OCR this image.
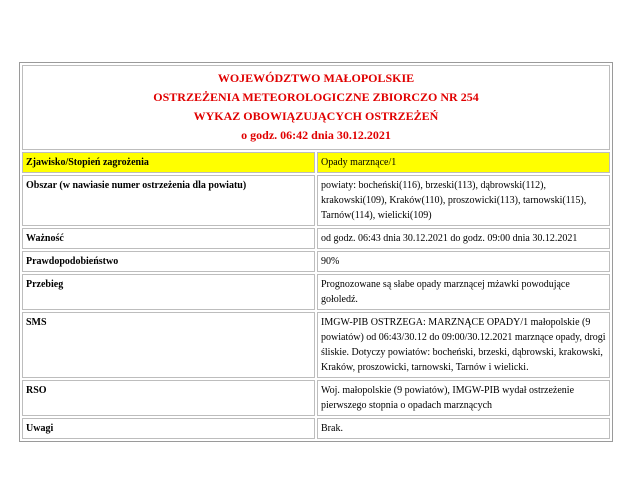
WOJEWÓDZTWO MAŁOPOLSKIE
OSTRZEŻENIA METEOROLOGICZNE ZBIORCZO NR 254
WYKAZ OBOWIĄZUJĄCYCH OSTRZEŻEŃ
o godz. 06:42 dnia 30.12.2021	

Zjawisko/Stopień zagrożenia	Opady marznące/1
Obszar (w nawiasie numer ostrzeżenia dla powiatu)	powiaty: bocheński(116), brzeski(113), dąbrowski(112), krakowski(109), Kraków(110), proszowicki(113), tarnowski(115), Tarnów(114), wielicki(109)
Ważność	od godz. 06:43 dnia 30.12.2021 do godz. 09:00 dnia 30.12.2021
Prawdopodobieństwo	90%
Przebieg	Prognozowane są słabe opady marznącej mżawki powodujące gołoledź.
SMS	IMGW-PIB OSTRZEGA: MARZNĄCE OPADY/1 małopolskie (9 powiatów) od 06:43/30.12 do 09:00/30.12.2021 marznące opady, drogi śliskie. Dotyczy powiatów: bocheński, brzeski, dąbrowski, krakowski, Kraków, proszowicki, tarnowski, Tarnów i wielicki.
RSO	Woj. małopolskie (9 powiatów), IMGW-PIB wydał ostrzeżenie pierwszego stopnia o opadach marznących
Uwagi	Brak.
